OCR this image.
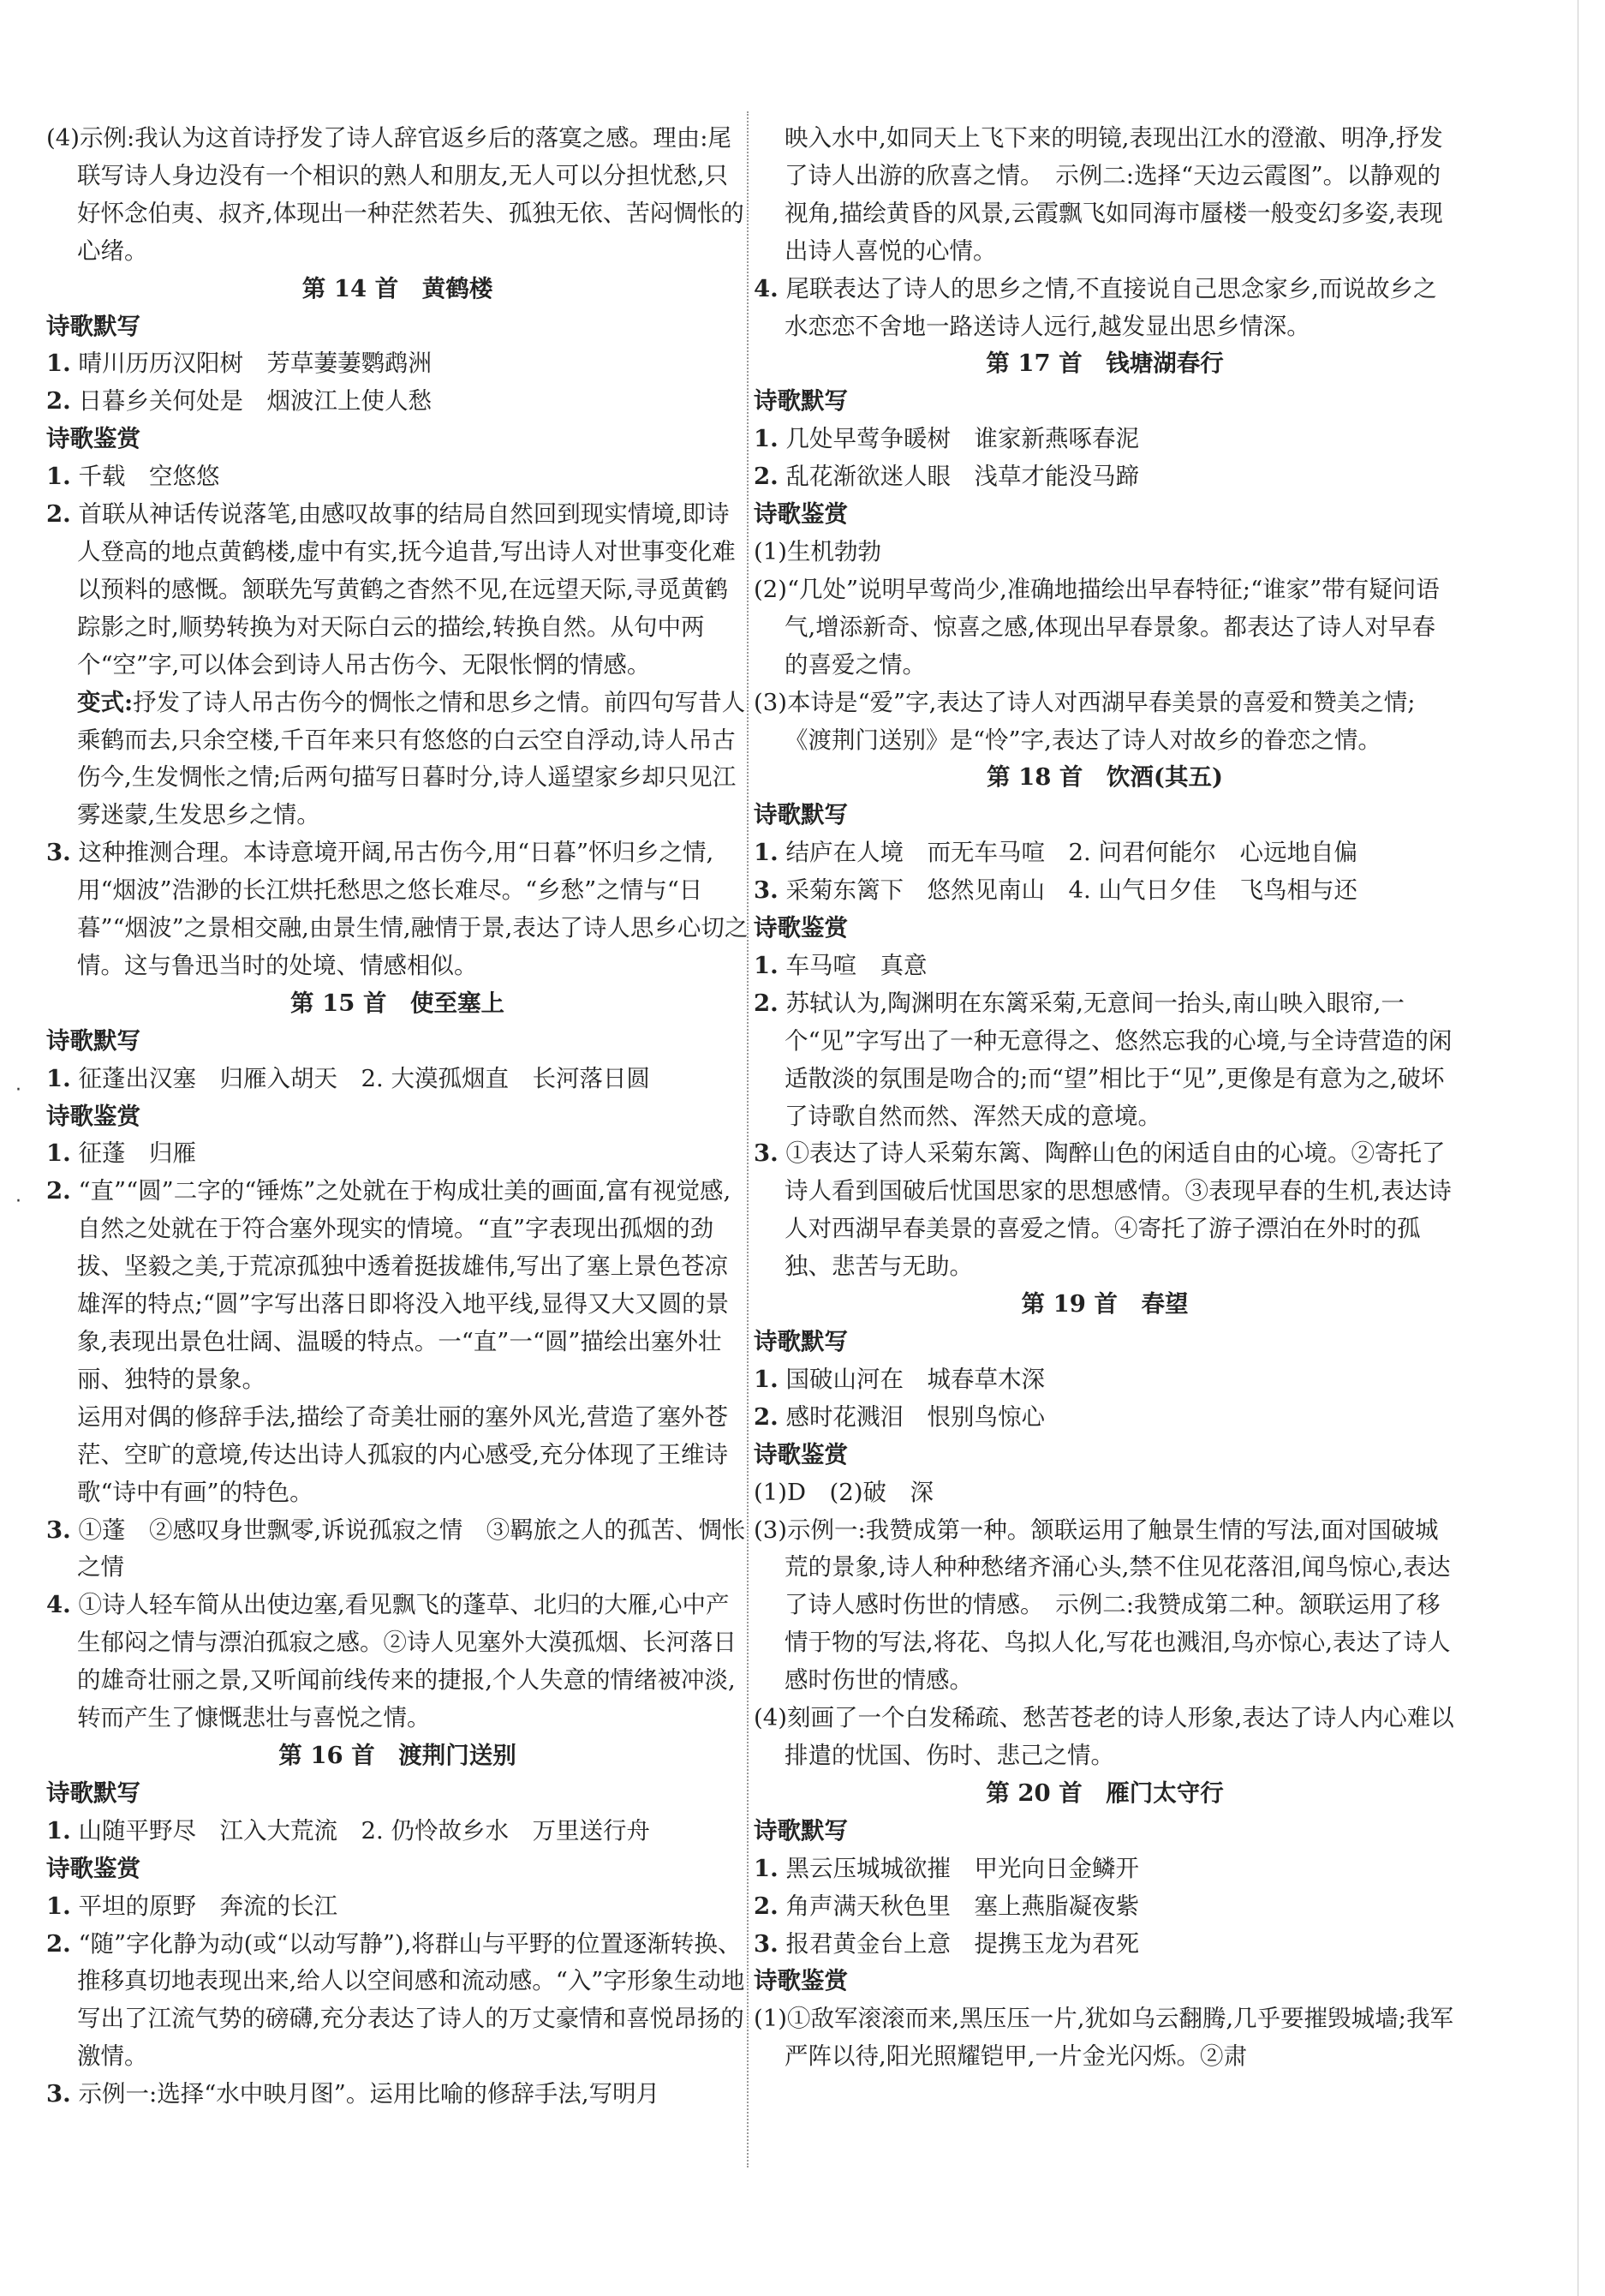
·
·
(4)示例:我认为这首诗抒发了诗人辞官返乡后的落寞之感。理由:尾联写诗人身边没有一个相识的熟人和朋友,无人可以分担忧愁,只好怀念伯夷、叔齐,体现出一种茫然若失、孤独无依、苦闷惆怅的心绪。
第 14 首　黄鹤楼
诗歌默写
1. 晴川历历汉阳树　芳草萋萋鹦鹉洲
2. 日暮乡关何处是　烟波江上使人愁
诗歌鉴赏
1. 千载　空悠悠
2. 首联从神话传说落笔,由感叹故事的结局自然回到现实情境,即诗人登高的地点黄鹤楼,虚中有实,抚今追昔,写出诗人对世事变化难以预料的感慨。颔联先写黄鹤之杳然不见,在远望天际,寻觅黄鹤踪影之时,顺势转换为对天际白云的描绘,转换自然。从句中两个“空”字,可以体会到诗人吊古伤今、无限怅惘的情感。
变式:抒发了诗人吊古伤今的惆怅之情和思乡之情。前四句写昔人乘鹤而去,只余空楼,千百年来只有悠悠的白云空自浮动,诗人吊古伤今,生发惆怅之情;后两句描写日暮时分,诗人遥望家乡却只见江雾迷蒙,生发思乡之情。
3. 这种推测合理。本诗意境开阔,吊古伤今,用“日暮”怀归乡之情,用“烟波”浩渺的长江烘托愁思之悠长难尽。“乡愁”之情与“日暮”“烟波”之景相交融,由景生情,融情于景,表达了诗人思乡心切之情。这与鲁迅当时的处境、情感相似。
第 15 首　使至塞上
诗歌默写
1. 征蓬出汉塞　归雁入胡天　2. 大漠孤烟直　长河落日圆
诗歌鉴赏
1. 征蓬　归雁
2. “直”“圆”二字的“锤炼”之处就在于构成壮美的画面,富有视觉感,自然之处就在于符合塞外现实的情境。“直”字表现出孤烟的劲拔、坚毅之美,于荒凉孤独中透着挺拔雄伟,写出了塞上景色苍凉雄浑的特点;“圆”字写出落日即将没入地平线,显得又大又圆的景象,表现出景色壮阔、温暖的特点。一“直”一“圆”描绘出塞外壮丽、独特的景象。
运用对偶的修辞手法,描绘了奇美壮丽的塞外风光,营造了塞外苍茫、空旷的意境,传达出诗人孤寂的内心感受,充分体现了王维诗歌“诗中有画”的特色。
3. ①蓬　②感叹身世飘零,诉说孤寂之情　③羁旅之人的孤苦、惆怅之情
4. ①诗人轻车简从出使边塞,看见飘飞的蓬草、北归的大雁,心中产生郁闷之情与漂泊孤寂之感。②诗人见塞外大漠孤烟、长河落日的雄奇壮丽之景,又听闻前线传来的捷报,个人失意的情绪被冲淡,转而产生了慷慨悲壮与喜悦之情。
第 16 首　渡荆门送别
诗歌默写
1. 山随平野尽　江入大荒流　2. 仍怜故乡水　万里送行舟
诗歌鉴赏
1. 平坦的原野　奔流的长江
2. “随”字化静为动(或“以动写静”),将群山与平野的位置逐渐转换、推移真切地表现出来,给人以空间感和流动感。“入”字形象生动地写出了江流气势的磅礴,充分表达了诗人的万丈豪情和喜悦昂扬的激情。
3. 示例一:选择“水中映月图”。运用比喻的修辞手法,写明月
映入水中,如同天上飞下来的明镜,表现出江水的澄澈、明净,抒发了诗人出游的欣喜之情。　示例二:选择“天边云霞图”。以静观的视角,描绘黄昏的风景,云霞飘飞如同海市蜃楼一般变幻多姿,表现出诗人喜悦的心情。
4. 尾联表达了诗人的思乡之情,不直接说自己思念家乡,而说故乡之水恋恋不舍地一路送诗人远行,越发显出思乡情深。
第 17 首　钱塘湖春行
诗歌默写
1. 几处早莺争暖树　谁家新燕啄春泥
2. 乱花渐欲迷人眼　浅草才能没马蹄
诗歌鉴赏
(1)生机勃勃
(2)“几处”说明早莺尚少,准确地描绘出早春特征;“谁家”带有疑问语气,增添新奇、惊喜之感,体现出早春景象。都表达了诗人对早春的喜爱之情。
(3)本诗是“爱”字,表达了诗人对西湖早春美景的喜爱和赞美之情;《渡荆门送别》是“怜”字,表达了诗人对故乡的眷恋之情。
第 18 首　饮酒(其五)
诗歌默写
1. 结庐在人境　而无车马喧　2. 问君何能尔　心远地自偏
3. 采菊东篱下　悠然见南山　4. 山气日夕佳　飞鸟相与还
诗歌鉴赏
1. 车马喧　真意
2. 苏轼认为,陶渊明在东篱采菊,无意间一抬头,南山映入眼帘,一个“见”字写出了一种无意得之、悠然忘我的心境,与全诗营造的闲适散淡的氛围是吻合的;而“望”相比于“见”,更像是有意为之,破坏了诗歌自然而然、浑然天成的意境。
3. ①表达了诗人采菊东篱、陶醉山色的闲适自由的心境。②寄托了诗人看到国破后忧国思家的思想感情。③表现早春的生机,表达诗人对西湖早春美景的喜爱之情。④寄托了游子漂泊在外时的孤独、悲苦与无助。
第 19 首　春望
诗歌默写
1. 国破山河在　城春草木深
2. 感时花溅泪　恨别鸟惊心
诗歌鉴赏
(1)D　(2)破　深
(3)示例一:我赞成第一种。颔联运用了触景生情的写法,面对国破城荒的景象,诗人种种愁绪齐涌心头,禁不住见花落泪,闻鸟惊心,表达了诗人感时伤世的情感。　示例二:我赞成第二种。颔联运用了移情于物的写法,将花、鸟拟人化,写花也溅泪,鸟亦惊心,表达了诗人感时伤世的情感。
(4)刻画了一个白发稀疏、愁苦苍老的诗人形象,表达了诗人内心难以排遣的忧国、伤时、悲己之情。
第 20 首　雁门太守行
诗歌默写
1. 黑云压城城欲摧　甲光向日金鳞开
2. 角声满天秋色里　塞上燕脂凝夜紫
3. 报君黄金台上意　提携玉龙为君死
诗歌鉴赏
(1)①敌军滚滚而来,黑压压一片,犹如乌云翻腾,几乎要摧毁城墙;我军严阵以待,阳光照耀铠甲,一片金光闪烁。②肃
